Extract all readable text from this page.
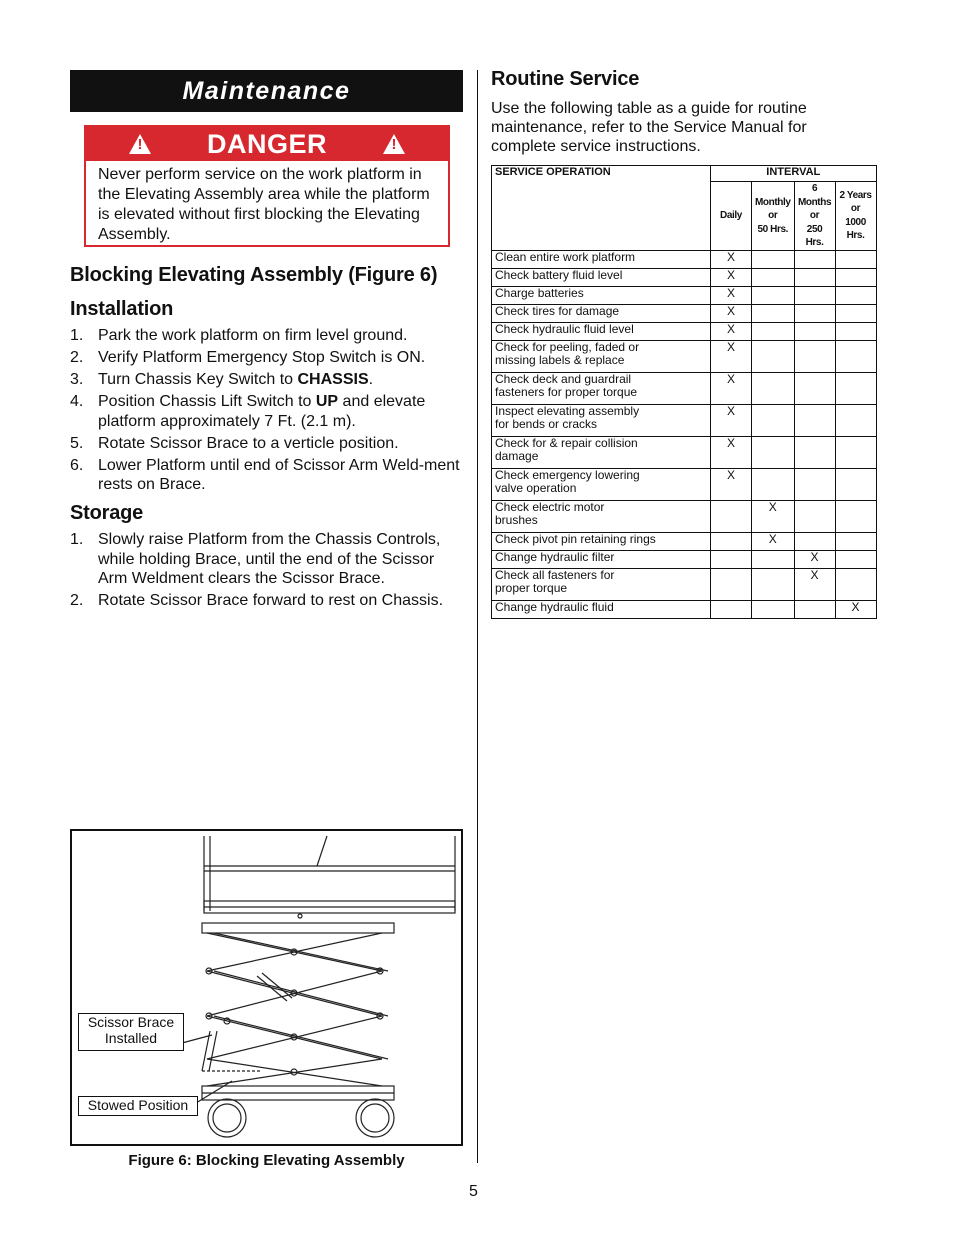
Maintenance
! DANGER	!
Never perform service on the work platform in the Elevating Assembly area while the platform is elevated without first blocking the Elevating Assembly.
Blocking Elevating Assembly (Figure 6)
Installation
1. Park the work platform on firm level ground.
2. Verify Platform Emergency Stop Switch is ON.
3. Turn Chassis Key Switch to CHASSIS.
4. Position Chassis Lift Switch to UP and elevate platform approximately 7 Ft. (2.1 m).
5. Rotate Scissor Brace to a verticle position.
6. Lower Platform until end of Scissor Arm Weld-ment rests on Brace.
Storage
1. Slowly raise Platform from the Chassis Controls, while holding Brace, until the end of the Scissor Arm Weldment clears the Scissor Brace.
2. Rotate Scissor Brace forward to rest on Chassis.
Scissor Brace Installed
Stowed Position
Figure 6: Blocking Elevating Assembly
Routine Service
Use the following table as a guide for routine maintenance, refer to the Service Manual for complete service instructions.
SERVICE OPERATION	INTERVAL			
	Daily	Monthly
or
50 Hrs.	6 Months
or
250 Hrs.	2 Years
or
1000 Hrs.
Clean entire work platform	X			
Check battery fluid level	X			
Charge batteries	X			
Check tires for damage	X			
Check hydraulic fluid level	X			
Check for peeling, faded or
missing labels & replace	X			
Check deck and guardrail
fasteners for proper torque	X			
Inspect elevating assembly
for bends or cracks	X			
Check for & repair collision
damage	X			
Check emergency lowering
valve operation	X			
Check electric motor
brushes		X		
Check pivot pin retaining rings		X		
Change hydraulic filter			X	
Check all fasteners for
proper torque			X	
Change hydraulic fluid				X
5
